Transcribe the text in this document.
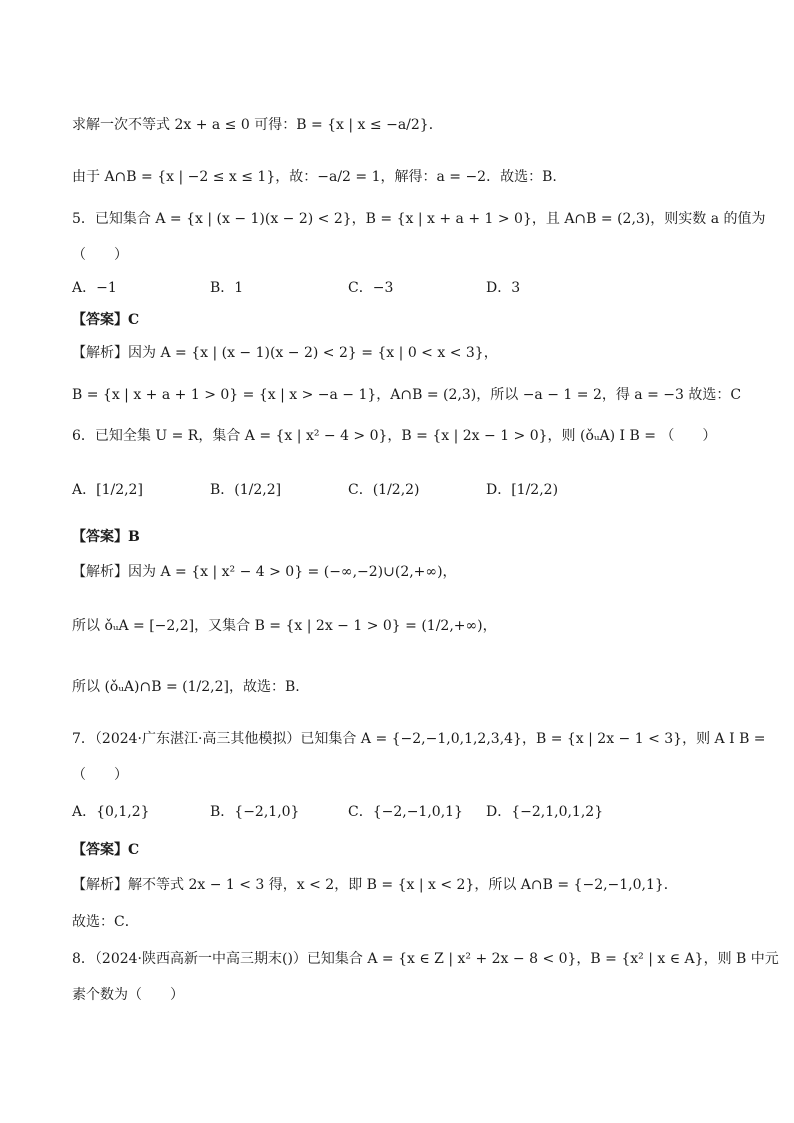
求解一次不等式 2x + a ≤ 0 可得：B = {x | x ≤ −a/2}．
由于 A∩B = {x | −2 ≤ x ≤ 1}，故：−a/2 = 1，解得：a = −2．故选：B.
5．已知集合 A = {x | (x − 1)(x − 2) < 2}，B = {x | x + a + 1 > 0}，且 A∩B = (2,3)，则实数 a 的值为
（　　）
A．−1	B．1	C．−3	D．3
【答案】C
【解析】因为 A = {x | (x − 1)(x − 2) < 2} = {x | 0 < x < 3}，
B = {x | x + a + 1 > 0} = {x | x > −a − 1}，A∩B = (2,3)，所以 −a − 1 = 2，得 a = −3 故选：C
6．已知全集 U = R，集合 A = {x | x² − 4 > 0}，B = {x | 2x − 1 > 0}，则 (ǒᵤA) I B = （　　）
A．[1/2,2]	B．(1/2,2]	C．(1/2,2)	D．[1/2,2)
【答案】B
【解析】因为 A = {x | x² − 4 > 0} = (−∞,−2)∪(2,+∞)，
所以 ǒᵤA = [−2,2]，又集合 B = {x | 2x − 1 > 0} = (1/2,+∞)，
所以 (ǒᵤA)∩B = (1/2,2]，故选：B.
7．（2024·广东湛江·高三其他模拟）已知集合 A = {−2,−1,0,1,2,3,4}，B = {x | 2x − 1 < 3}，则 A I B =
（　　）
A．{0,1,2}	B．{−2,1,0}	C．{−2,−1,0,1} D．{−2,1,0,1,2}
【答案】C
【解析】解不等式 2x − 1 < 3 得，x < 2，即 B = {x | x < 2}，所以 A∩B = {−2,−1,0,1}．
故选：C．
8．（2024·陕西高新一中高三期末()）已知集合 A = {x ∈ Z | x² + 2x − 8 < 0}，B = {x² | x ∈ A}，则 B 中元
素个数为（　　）
